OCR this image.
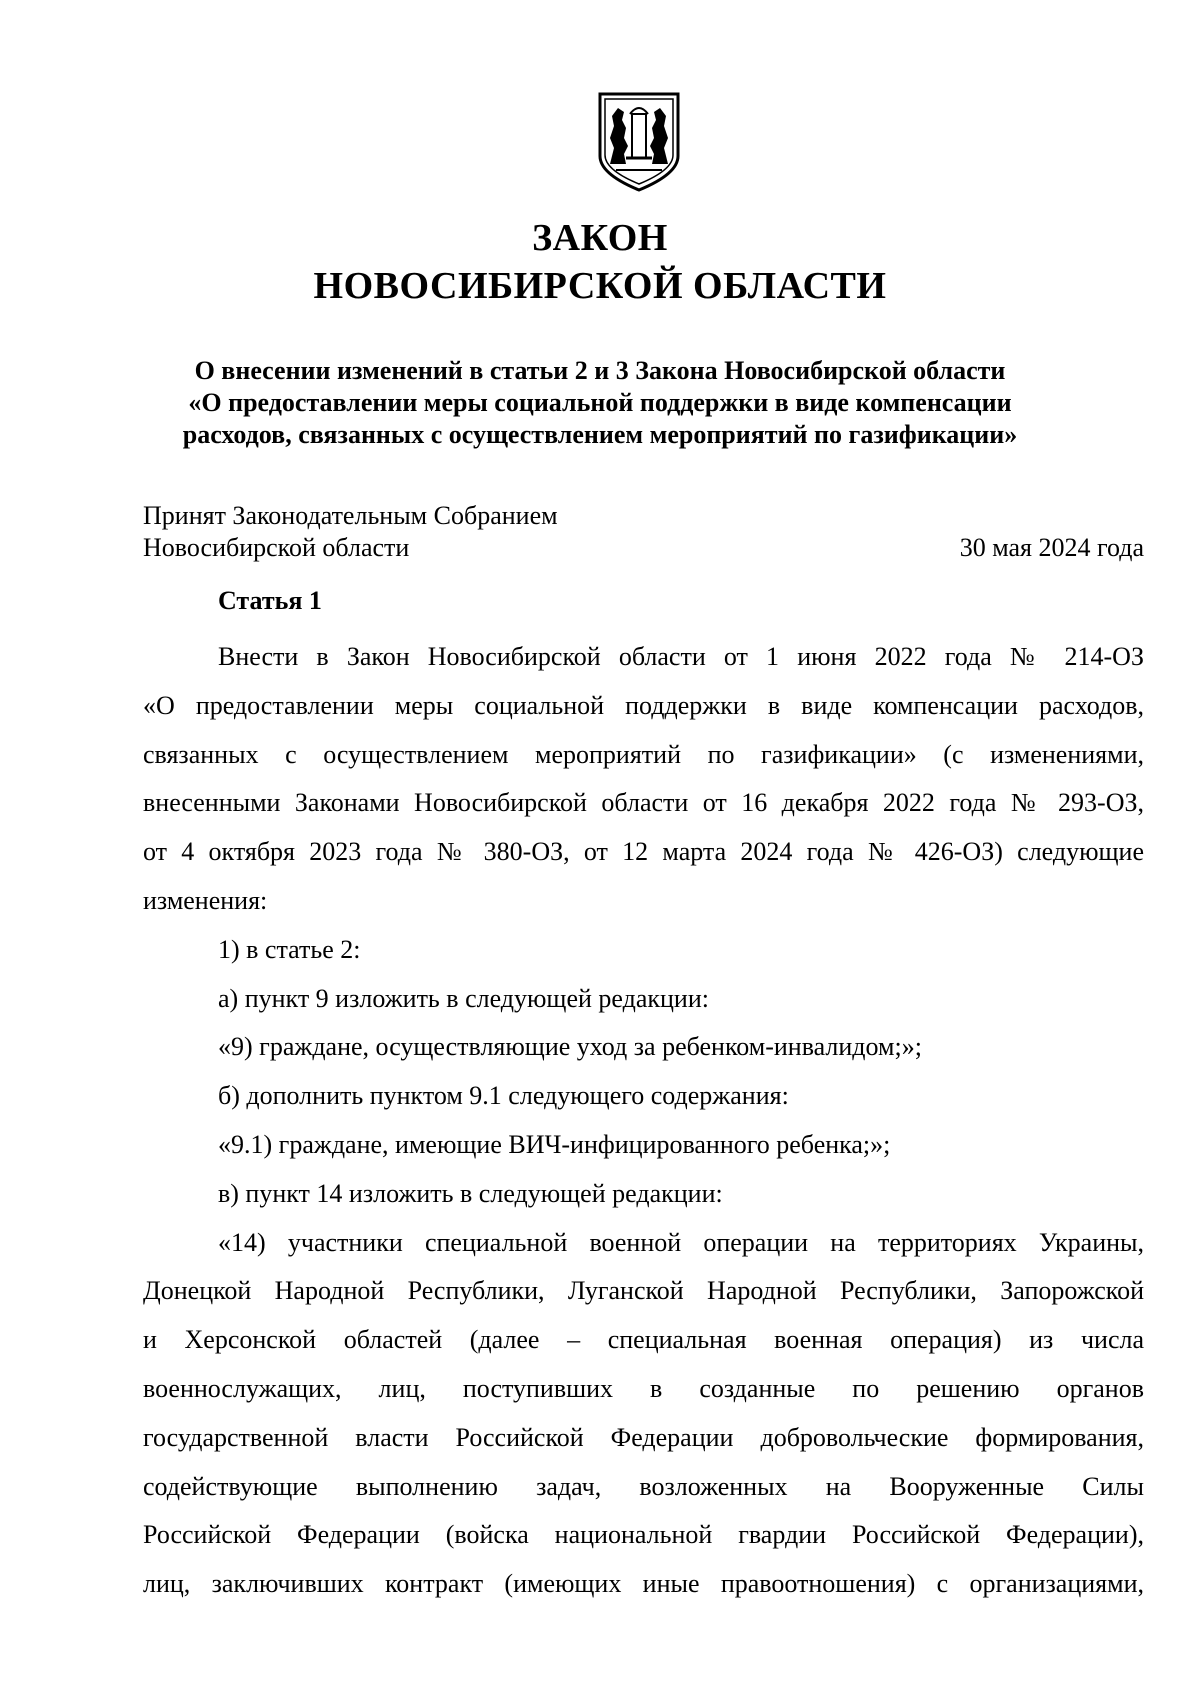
ЗАКОН
НОВОСИБИРСКОЙ ОБЛАСТИ
О внесении изменений в статьи 2 и 3 Закона Новосибирской области
«О предоставлении меры социальной поддержки в виде компенсации
расходов, связанных с осуществлением мероприятий по газификации»
Принят Законодательным Собранием
Новосибирской области	30 мая 2024 года
Статья 1
Внести в Закон Новосибирской области от 1 июня 2022 года № 214-ОЗ
«О предоставлении меры социальной поддержки в виде компенсации расходов,
связанных с осуществлением мероприятий по газификации» (с изменениями,
внесенными Законами Новосибирской области от 16 декабря 2022 года № 293-ОЗ,
от 4 октября 2023 года № 380-ОЗ, от 12 марта 2024 года № 426-ОЗ) следующие
изменения:
1) в статье 2:
а) пункт 9 изложить в следующей редакции:
«9) граждане, осуществляющие уход за ребенком-инвалидом;»;
б) дополнить пунктом 9.1 следующего содержания:
«9.1) граждане, имеющие ВИЧ-инфицированного ребенка;»;
в) пункт 14 изложить в следующей редакции:
«14) участники специальной военной операции на территориях Украины,
Донецкой Народной Республики, Луганской Народной Республики, Запорожской
и Херсонской областей (далее – специальная военная операция) из числа
военнослужащих, лиц, поступивших в созданные по решению органов
государственной власти Российской Федерации добровольческие формирования,
содействующие выполнению задач, возложенных на Вооруженные Силы
Российской Федерации (войска национальной гвардии Российской Федерации),
лиц, заключивших контракт (имеющих иные правоотношения) с организациями,
